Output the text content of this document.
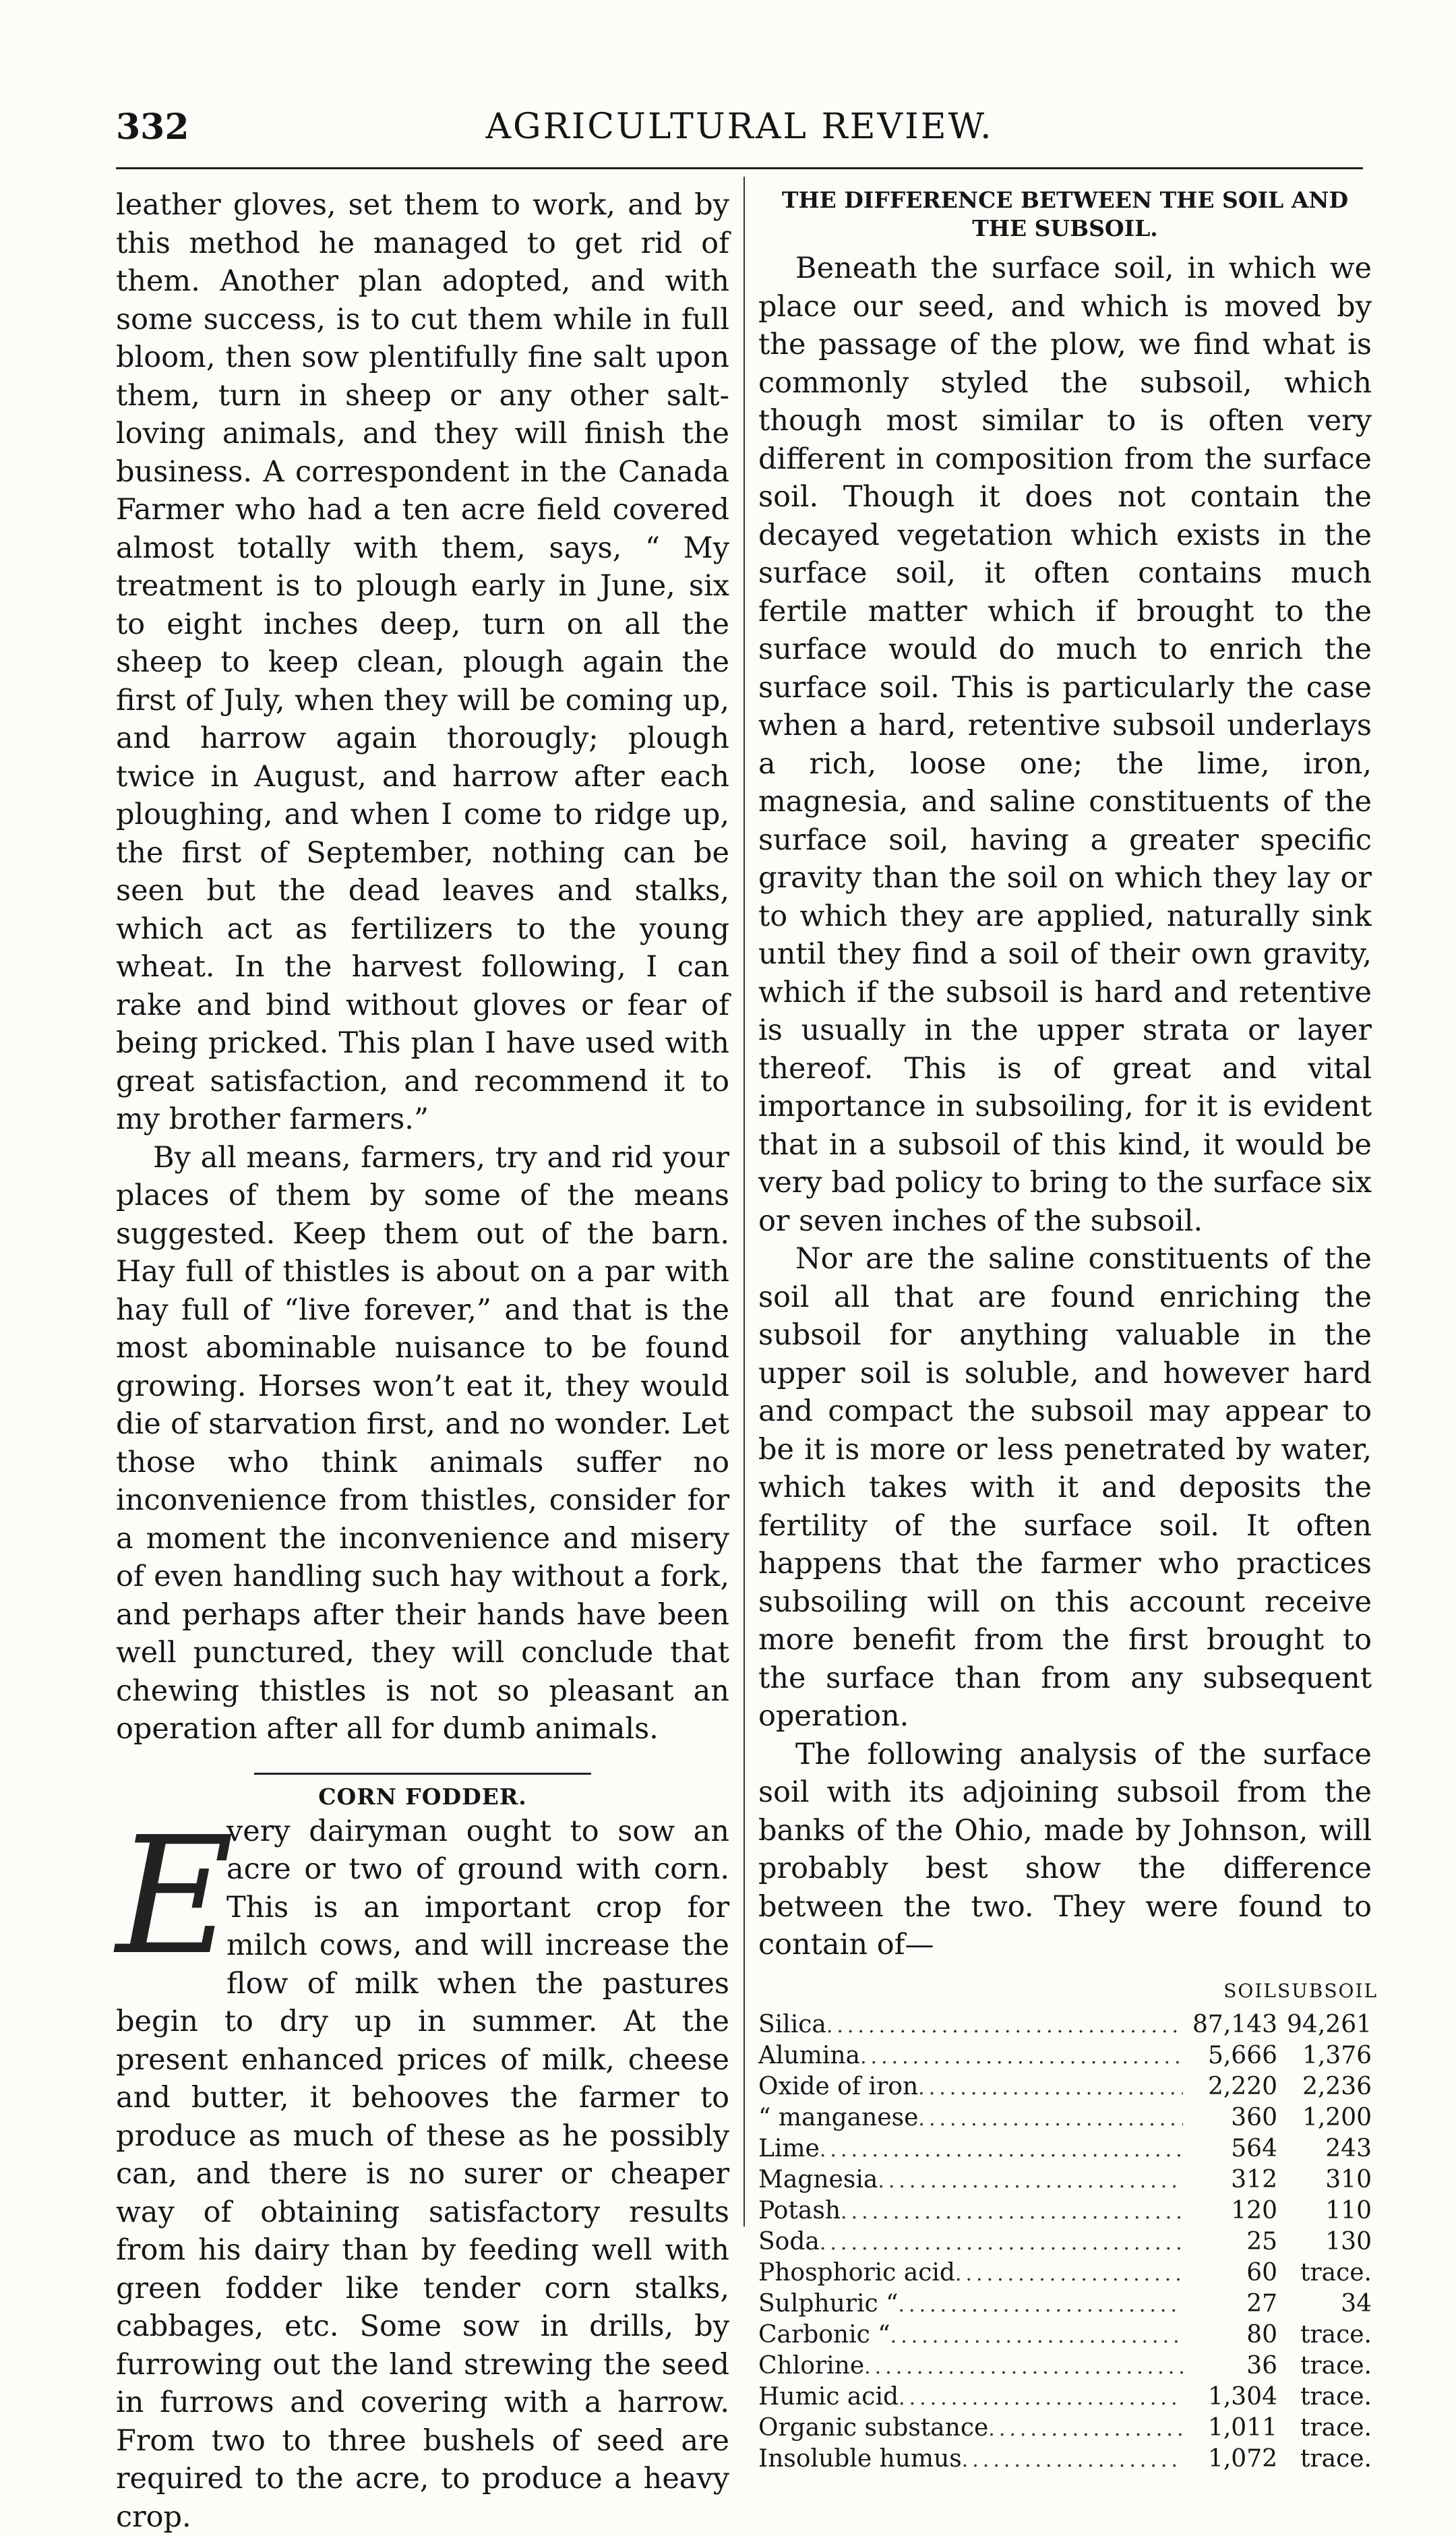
332	AGRICULTURAL REVIEW.

leather gloves, set them to work, and by this method he managed to get rid of them. Another plan adopted, and with some success, is to cut them while in full bloom, then sow plentifully fine salt upon them, turn in sheep or any other salt-loving animals, and they will finish the business. A correspondent in the Canada Farmer who had a ten acre field covered almost totally with them, says, “ My treatment is to plough early in June, six to eight inches deep, turn on all the sheep to keep clean, plough again the first of July, when they will be coming up, and harrow again thorougly; plough twice in August, and harrow after each ploughing, and when I come to ridge up, the first of September, nothing can be seen but the dead leaves and stalks, which act as fertilizers to the young wheat. In the harvest following, I can rake and bind without gloves or fear of being pricked. This plan I have used with great satisfaction, and recommend it to my brother farmers.”

By all means, farmers, try and rid your places of them by some of the means suggested. Keep them out of the barn. Hay full of thistles is about on a par with hay full of “live forever,” and that is the most abominable nuisance to be found growing. Horses won’t eat it, they would die of starvation first, and no wonder. Let those who think animals suffer no inconvenience from thistles, consider for a moment the inconvenience and misery of even handling such hay without a fork, and perhaps after their hands have been well punctured, they will conclude that chewing thistles is not so pleasant an operation after all for dumb animals.

CORN FODDER.

E
very dairyman ought to sow an acre or two of ground with corn. This is an important crop for milch cows, and will increase the flow of milk when the pastures begin to dry up in summer. At the present enhanced prices of milk, cheese and butter, it behooves the farmer to produce as much of these as he possibly can, and there is no surer or cheaper way of obtaining satisfactory results from his dairy than by feeding well with green fodder like tender corn stalks, cabbages, etc. Some sow in drills, by furrowing out the land strewing the seed in furrows and covering with a harrow. From two to three bushels of seed are required to the acre, to produce a heavy crop.

THE DIFFERENCE BETWEEN THE SOIL AND THE SUBSOIL.

Beneath the surface soil, in which we place our seed, and which is moved by the passage of the plow, we find what is commonly styled the subsoil, which though most similar to is often very different in composition from the surface soil. Though it does not contain the decayed vegetation which exists in the surface soil, it often contains much fertile matter which if brought to the surface would do much to enrich the surface soil. This is particularly the case when a hard, retentive subsoil underlays a rich, loose one; the lime, iron, magnesia, and saline constituents of the surface soil, having a greater specific gravity than the soil on which they lay or to which they are applied, naturally sink until they find a soil of their own gravity, which if the subsoil is hard and retentive is usually in the upper strata or layer thereof. This is of great and vital importance in subsoiling, for it is evident that in a subsoil of this kind, it would be very bad policy to bring to the surface six or seven inches of the subsoil.

Nor are the saline constituents of the soil all that are found enriching the subsoil for anything valuable in the upper soil is soluble, and however hard and compact the subsoil may appear to be it is more or less penetrated by water, which takes with it and deposits the fertility of the surface soil. It often happens that the farmer who practices subsoiling will on this account receive more benefit from the first brought to the surface than from any subsequent operation.

The following analysis of the surface soil with its adjoining subsoil from the banks of the Ohio, made by Johnson, will probably best show the difference between the two. They were found to contain of—

SOIL SUBSOIL
Silica .....	87,143 94,261
Alumina .....	5,666	1,376
Oxide of iron .....	2,220	2,236
“ manganese .....	360	1,200
Lime .....	564	243
Magnesia .....	312	310
Potash .....	120	110
Soda .....	25	130
Phosphoric acid .....	60 trace.
Sulphuric “ .....	27	34
Carbonic “ .....	80 trace.
Chlorine .....	36 trace.
Humic acid .....	1,304 trace.
Organic substance .....	1,011 trace.
Insoluble humus .....	1,072 trace.
